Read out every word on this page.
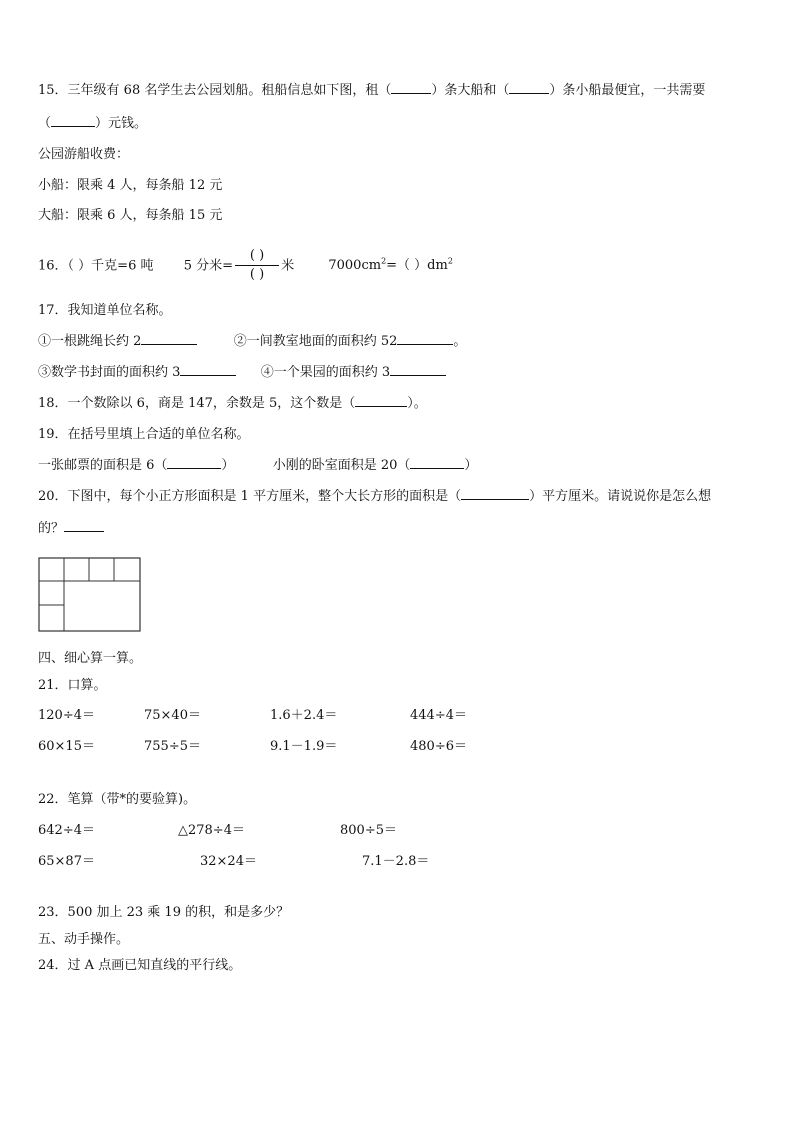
15．三年级有 68 名学生去公园划船。租船信息如下图，租（	）条大船和（	）条小船最便宜，一共需要
（	）元钱。
公园游船收费：
小船：限乘 4 人，每条船 12 元
大船：限乘 6 人，每条船 15 元
16．（ ）千克=6 吨 5 分米= $\frac{( )}{( )}$ 米	$7000cm^2=$（ ）$dm^2$
17．我知道单位名称。
①一根跳绳长约 2	②一间教室地面的面积约 52	。
③数学书封面的面积约 3	④一个果园的面积约 3
18．一个数除以 6，商是 147，余数是 5，这个数是（	）。
19．在括号里填上合适的单位名称。
一张邮票的面积是 6（	）	小刚的卧室面积是 20（	）
20．下图中，每个小正方形面积是 1 平方厘米，整个大长方形的面积是（	）平方厘米。请说说你是怎么想
的？
四、细心算一算。
21．口算。
120÷4＝	75×40＝	1.6＋2.4＝	444÷4＝
60×15＝	755÷5＝	9.1－1.9＝	480÷6＝
22．笔算（带*的要验算)。
642÷4＝	△278÷4＝	800÷5＝
65×87＝	32×24＝	7.1－2.8＝
23．500 加上 23 乘 19 的积，和是多少？
五、动手操作。
24．过 A 点画已知直线的平行线。
